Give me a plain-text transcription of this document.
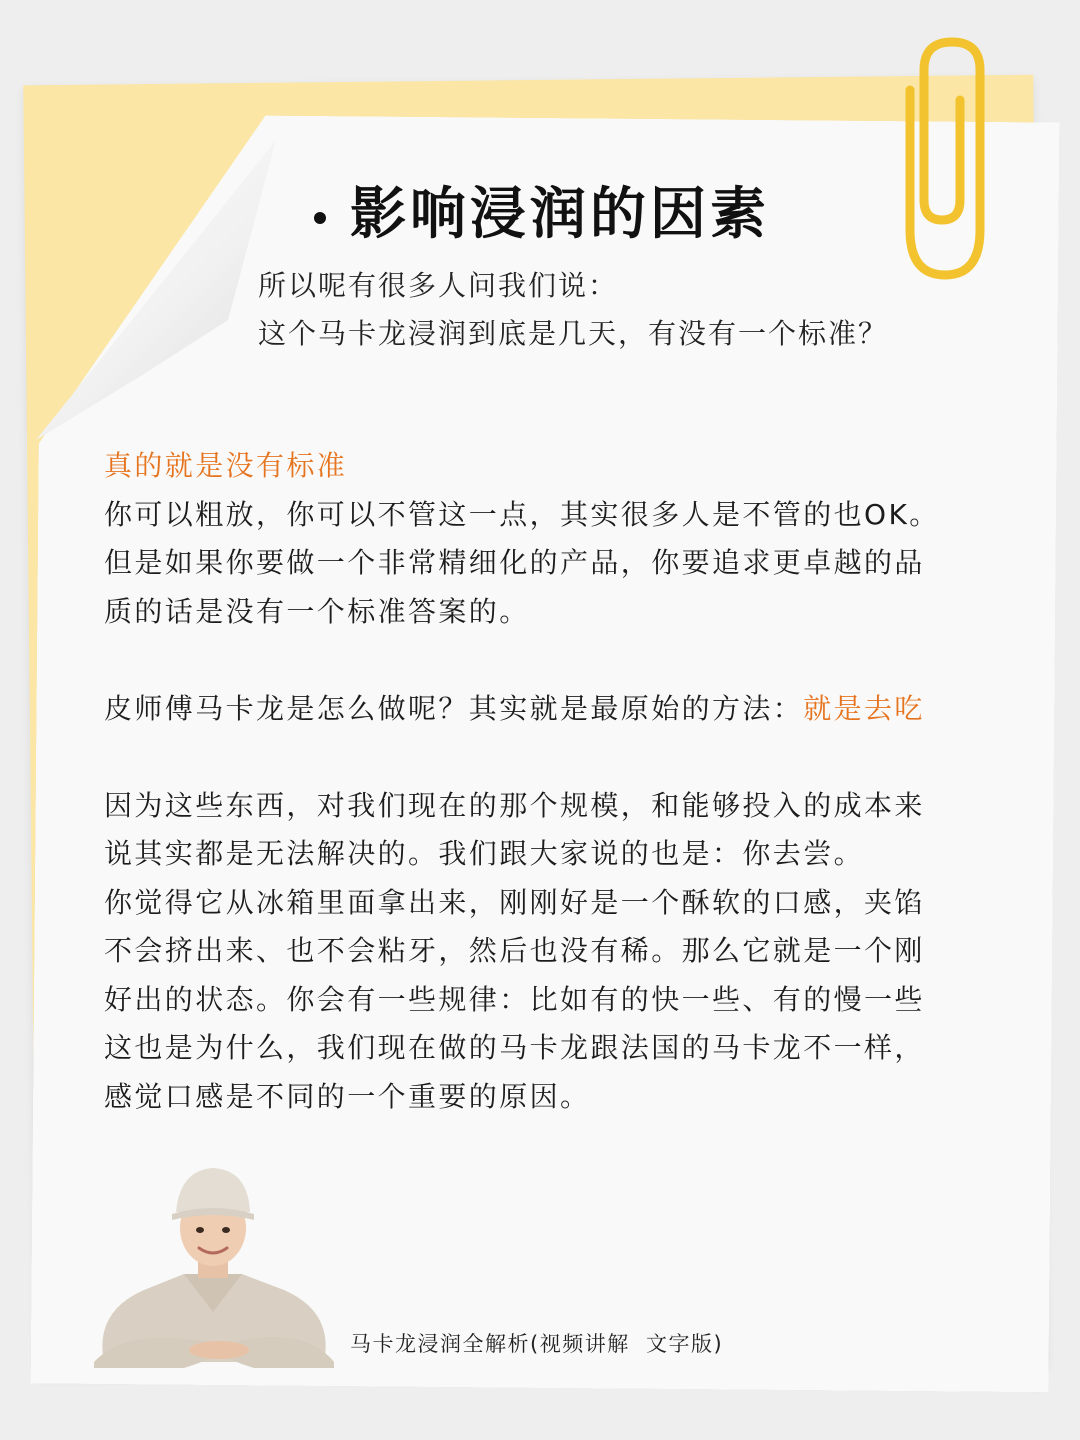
影响浸润的因素
所以呢有很多人问我们说：
这个马卡龙浸润到底是几天，有没有一个标准？

真的就是没有标准

你可以粗放，你可以不管这一点，其实很多人是不管的也OK。

但是如果你要做一个非常精细化的产品，你要追求更卓越的品

质的话是没有一个标准答案的。

皮师傅马卡龙是怎么做呢？其实就是最原始的方法：就是去吃

因为这些东西，对我们现在的那个规模，和能够投入的成本来

说其实都是无法解决的。我们跟大家说的也是：你去尝。

你觉得它从冰箱里面拿出来，刚刚好是一个酥软的口感，夹馅

不会挤出来、也不会粘牙，然后也没有稀。那么它就是一个刚

好出的状态。你会有一些规律：比如有的快一些、有的慢一些

这也是为什么，我们现在做的马卡龙跟法国的马卡龙不一样，

感觉口感是不同的一个重要的原因。

马卡龙浸润全解析(视频讲解  文字版)
